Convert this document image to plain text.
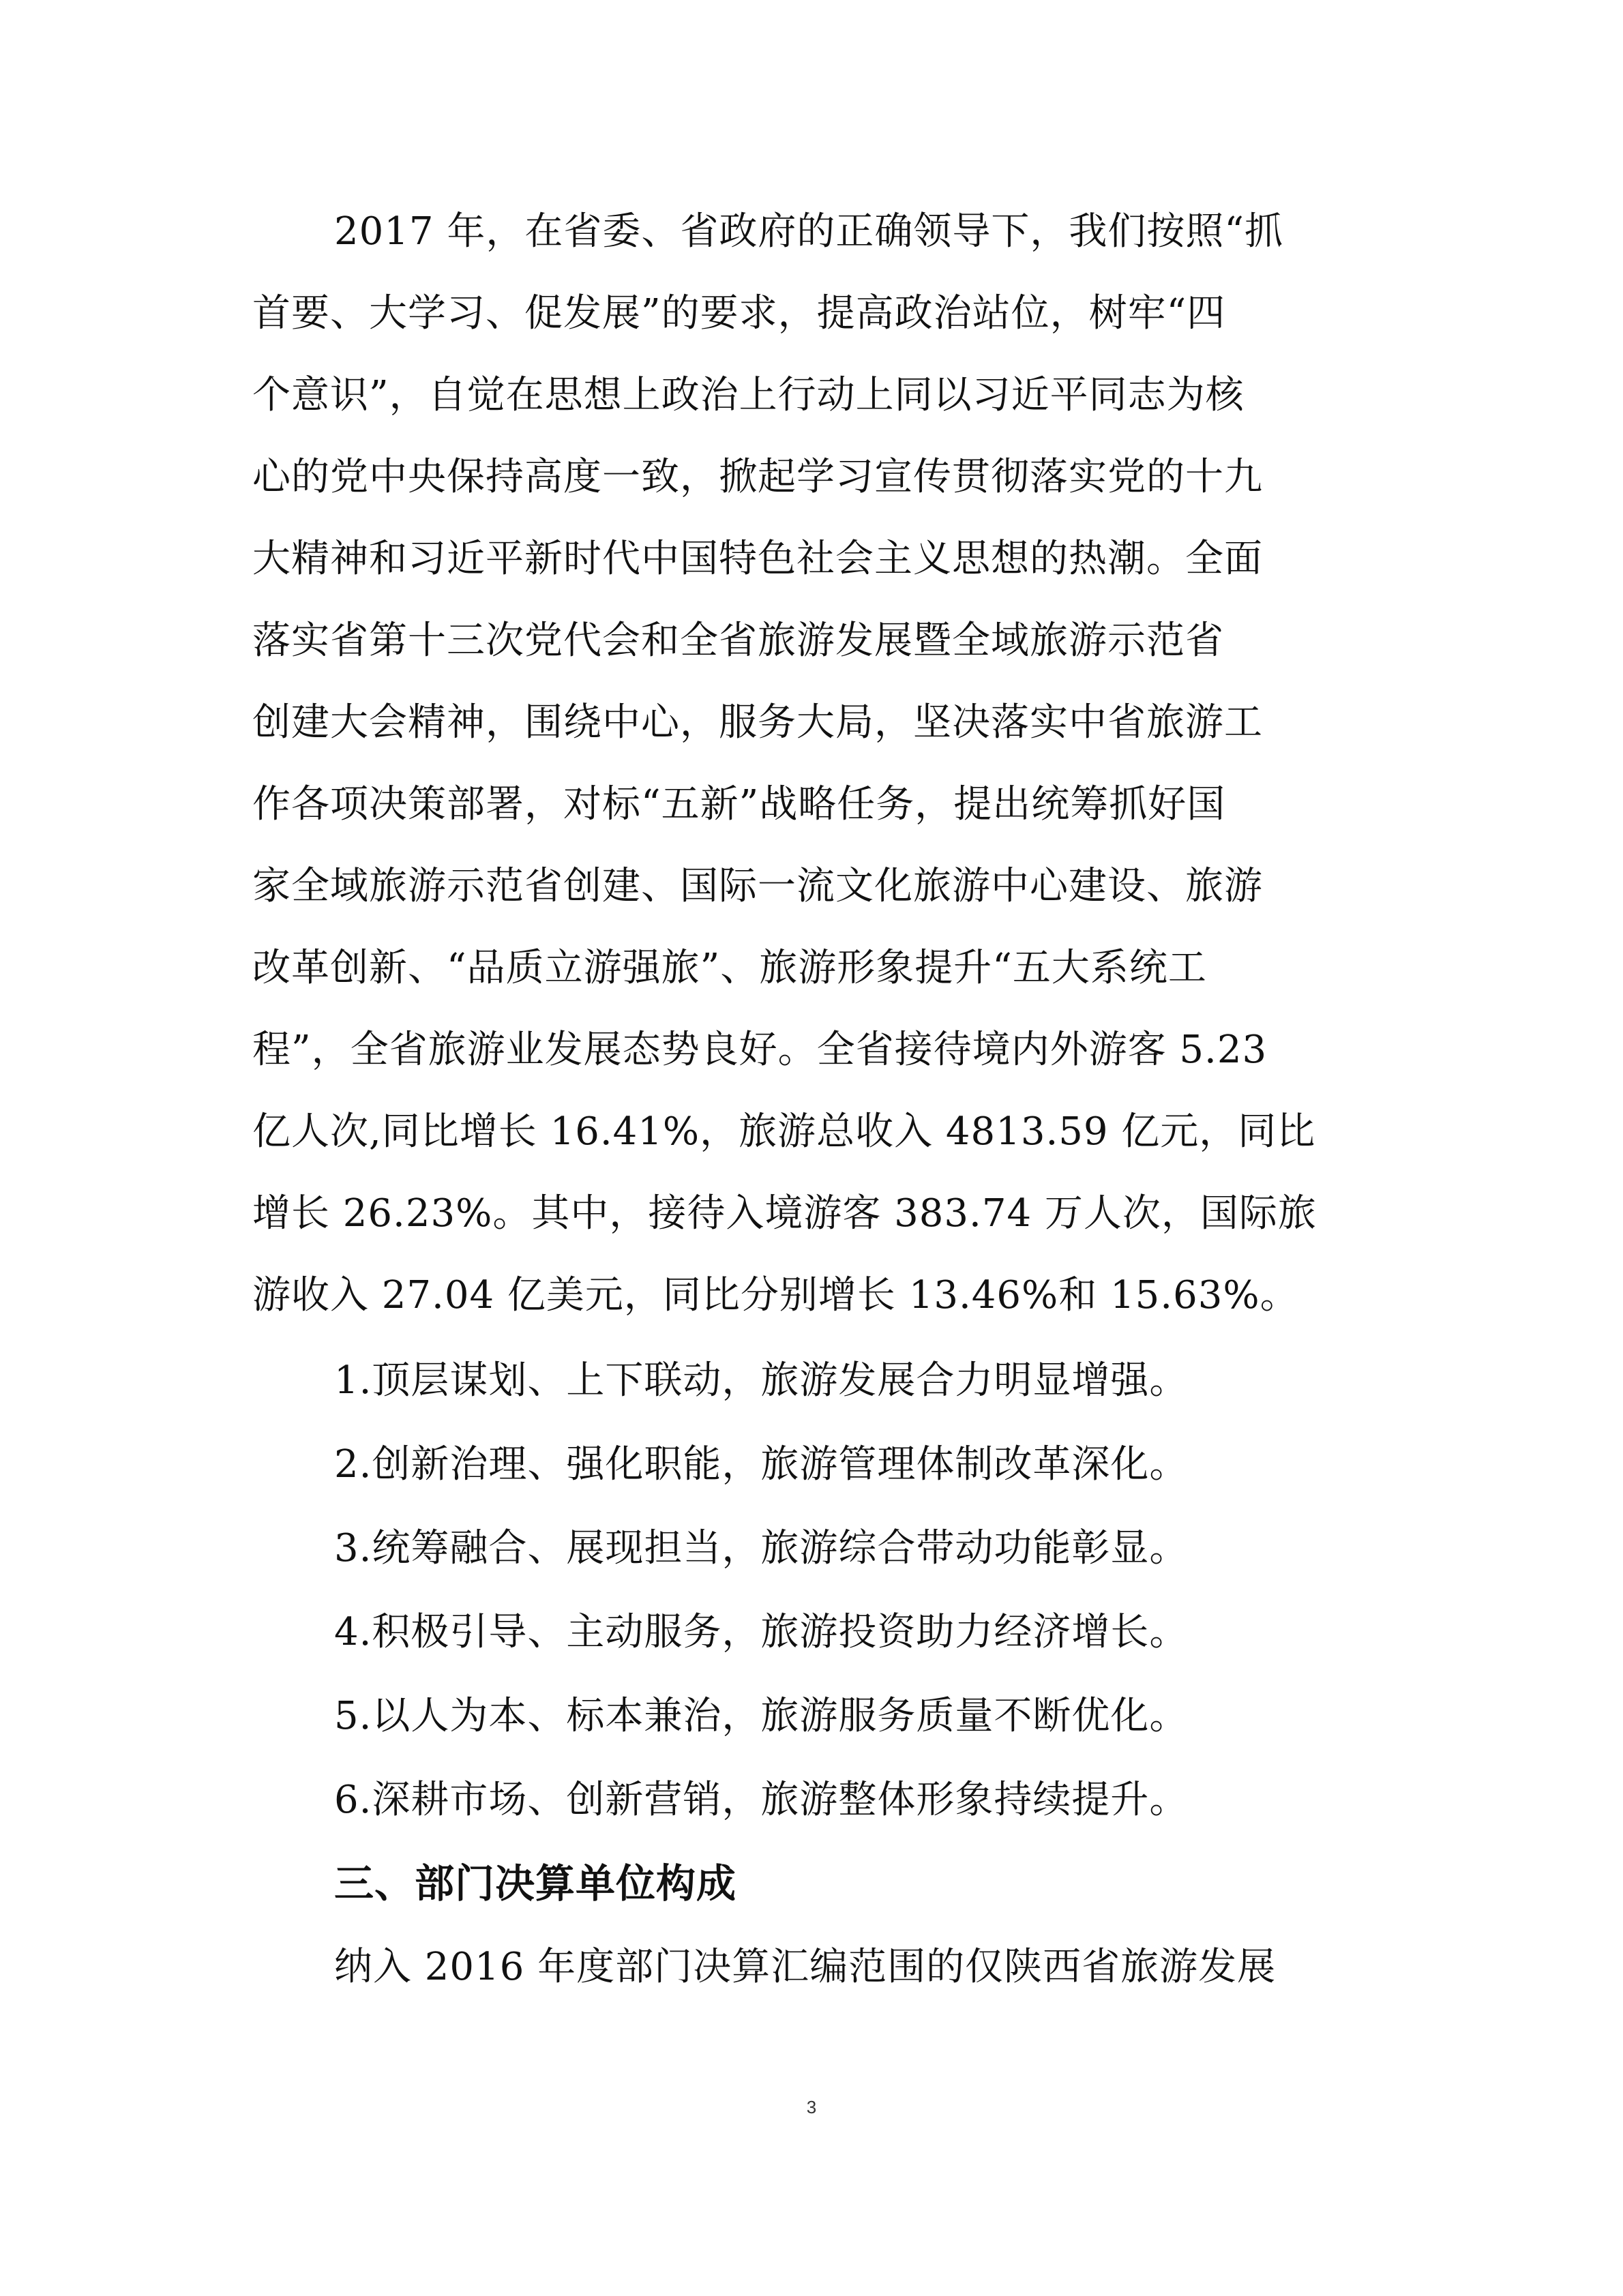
2017 年，在省委、省政府的正确领导下，我们按照“抓
首要、大学习、促发展”的要求，提高政治站位，树牢“四
个意识”，自觉在思想上政治上行动上同以习近平同志为核
心的党中央保持高度一致，掀起学习宣传贯彻落实党的十九
大精神和习近平新时代中国特色社会主义思想的热潮。全面
落实省第十三次党代会和全省旅游发展暨全域旅游示范省
创建大会精神，围绕中心，服务大局，坚决落实中省旅游工
作各项决策部署，对标“五新”战略任务，提出统筹抓好国
家全域旅游示范省创建、国际一流文化旅游中心建设、旅游
改革创新、“品质立游强旅”、旅游形象提升“五大系统工
程”，全省旅游业发展态势良好。全省接待境内外游客 5.23
亿人次,同比增长 16.41%，旅游总收入 4813.59 亿元，同比
增长 26.23%。其中，接待入境游客 383.74 万人次，国际旅
游收入 27.04 亿美元，同比分别增长 13.46%和 15.63%。
1.顶层谋划、上下联动，旅游发展合力明显增强。
2.创新治理、强化职能，旅游管理体制改革深化。
3.统筹融合、展现担当，旅游综合带动功能彰显。
4.积极引导、主动服务，旅游投资助力经济增长。
5.以人为本、标本兼治，旅游服务质量不断优化。
6.深耕市场、创新营销，旅游整体形象持续提升。
三、部门决算单位构成
纳入 2016 年度部门决算汇编范围的仅陕西省旅游发展
3
